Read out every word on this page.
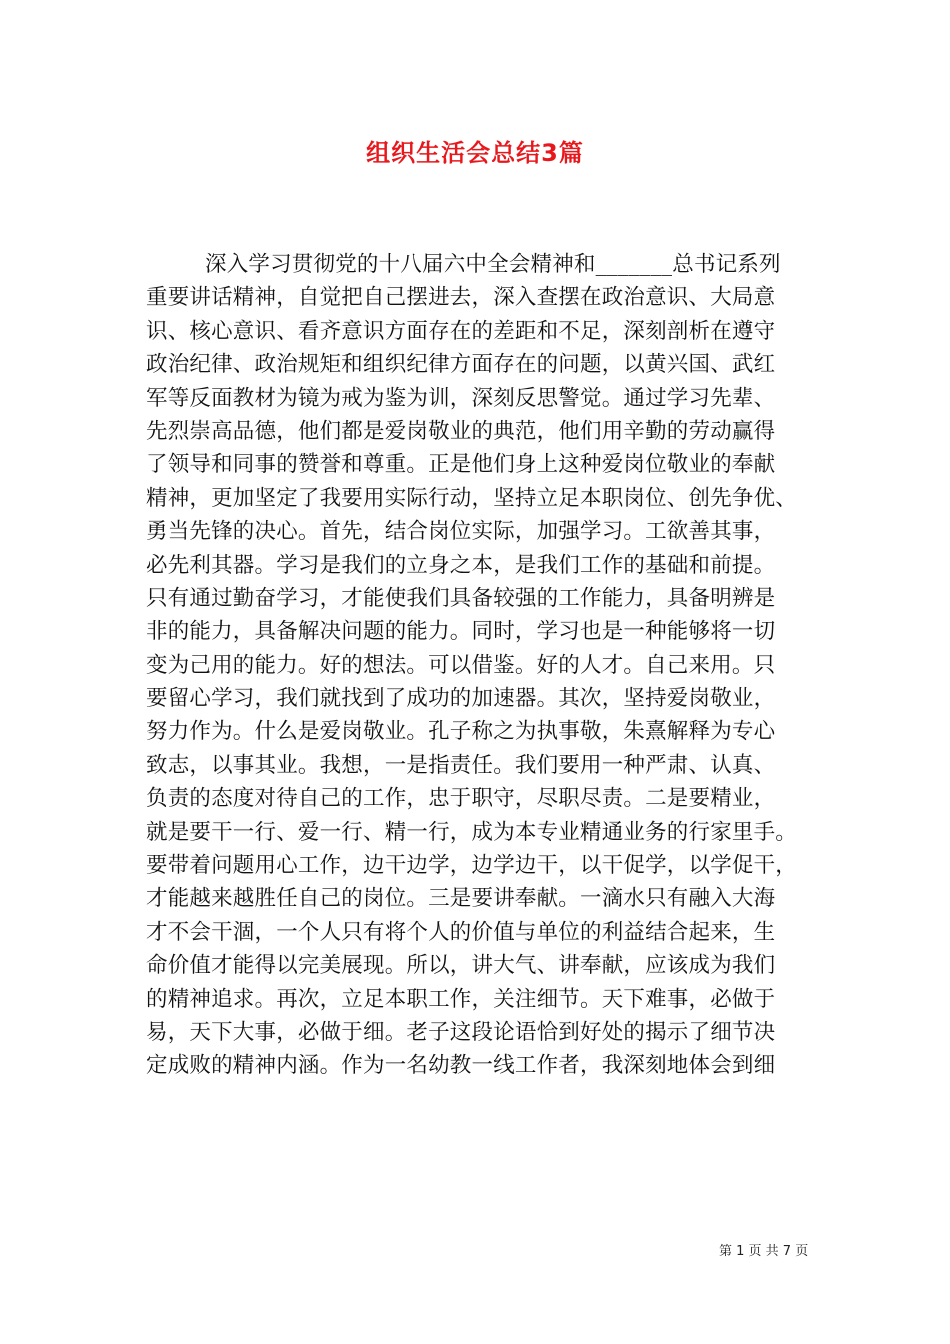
组织生活会总结3篇
深入学习贯彻党的十八届六中全会精神和_______总书记系列
重要讲话精神，自觉把自己摆进去，深入查摆在政治意识、大局意
识、核心意识、看齐意识方面存在的差距和不足，深刻剖析在遵守
政治纪律、政治规矩和组织纪律方面存在的问题，以黄兴国、武红
军等反面教材为镜为戒为鉴为训，深刻反思警觉。通过学习先辈、
先烈崇高品德，他们都是爱岗敬业的典范，他们用辛勤的劳动赢得
了领导和同事的赞誉和尊重。正是他们身上这种爱岗位敬业的奉献
精神，更加坚定了我要用实际行动，坚持立足本职岗位、创先争优、
勇当先锋的决心。首先，结合岗位实际，加强学习。工欲善其事，
必先利其器。学习是我们的立身之本，是我们工作的基础和前提。
只有通过勤奋学习，才能使我们具备较强的工作能力，具备明辨是
非的能力，具备解决问题的能力。同时，学习也是一种能够将一切
变为己用的能力。好的想法。可以借鉴。好的人才。自己来用。只
要留心学习，我们就找到了成功的加速器。其次，坚持爱岗敬业，
努力作为。什么是爱岗敬业。孔子称之为执事敬，朱熹解释为专心
致志，以事其业。我想，一是指责任。我们要用一种严肃、认真、
负责的态度对待自己的工作，忠于职守，尽职尽责。二是要精业，
就是要干一行、爱一行、精一行，成为本专业精通业务的行家里手。
要带着问题用心工作，边干边学，边学边干，以干促学，以学促干，
才能越来越胜任自己的岗位。三是要讲奉献。一滴水只有融入大海
才不会干涸，一个人只有将个人的价值与单位的利益结合起来，生
命价值才能得以完美展现。所以，讲大气、讲奉献，应该成为我们
的精神追求。再次，立足本职工作，关注细节。天下难事，必做于
易，天下大事，必做于细。老子这段论语恰到好处的揭示了细节决
定成败的精神内涵。作为一名幼教一线工作者，我深刻地体会到细
第 1 页 共 7 页
